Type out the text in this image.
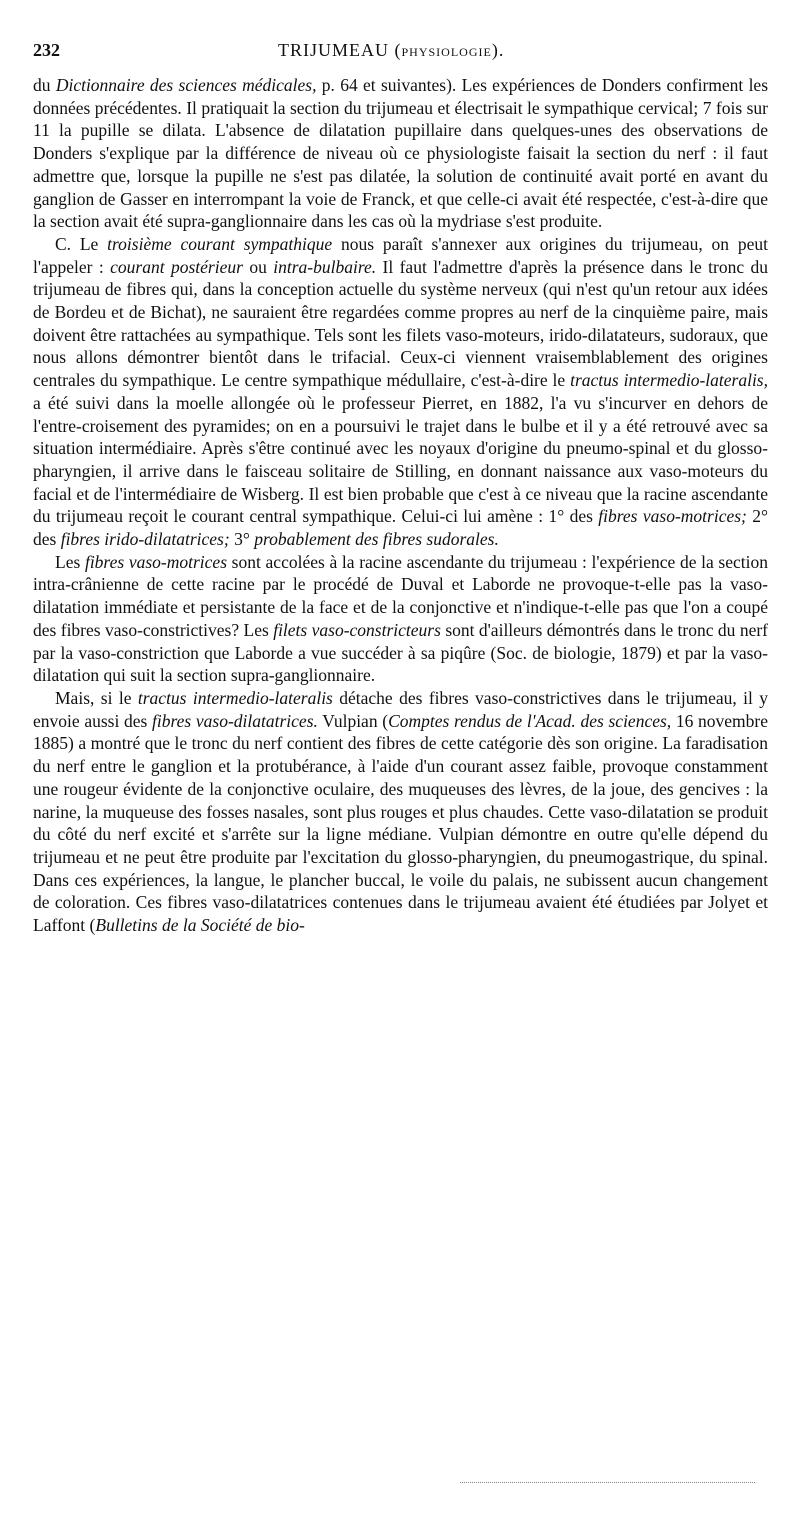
232	TRIJUMEAU (PHYSIOLOGIE).

du Dictionnaire des sciences médicales, p. 64 et suivantes). Les expériences de Donders confirment les données précédentes. Il pratiquait la section du trijumeau et électrisait le sympathique cervical; 7 fois sur 11 la pupille se dilata. L'absence de dilatation pupillaire dans quelques-unes des observations de Donders s'explique par la différence de niveau où ce physiologiste faisait la section du nerf : il faut admettre que, lorsque la pupille ne s'est pas dilatée, la solution de continuité avait porté en avant du ganglion de Gasser en interrompant la voie de Franck, et que celle-ci avait été respectée, c'est-à-dire que la section avait été supra-ganglionnaire dans les cas où la mydriase s'est produite.

C. Le troisième courant sympathique nous paraît s'annexer aux origines du trijumeau, on peut l'appeler : courant postérieur ou intra-bulbaire. Il faut l'admettre d'après la présence dans le tronc du trijumeau de fibres qui, dans la conception actuelle du système nerveux (qui n'est qu'un retour aux idées de Bordeu et de Bichat), ne sauraient être regardées comme propres au nerf de la cinquième paire, mais doivent être rattachées au sympathique. Tels sont les filets vaso-moteurs, irido-dilatateurs, sudoraux, que nous allons démontrer bientôt dans le trifacial. Ceux-ci viennent vraisemblablement des origines centrales du sympathique. Le centre sympathique médullaire, c'est-à-dire le tractus intermedio-lateralis, a été suivi dans la moelle allongée où le professeur Pierret, en 1882, l'a vu s'incurver en dehors de l'entre-croisement des pyramides; on en a poursuivi le trajet dans le bulbe et il y a été retrouvé avec sa situation intermédiaire. Après s'être continué avec les noyaux d'origine du pneumo-spinal et du glosso-pharyngien, il arrive dans le faisceau solitaire de Stilling, en donnant naissance aux vaso-moteurs du facial et de l'intermédiaire de Wisberg. Il est bien probable que c'est à ce niveau que la racine ascendante du trijumeau reçoit le courant central sympathique. Celui-ci lui amène : 1° des fibres vaso-motrices; 2° des fibres irido-dilatatrices; 3° probablement des fibres sudorales.

Les fibres vaso-motrices sont accolées à la racine ascendante du trijumeau : l'expérience de la section intra-crânienne de cette racine par le procédé de Duval et Laborde ne provoque-t-elle pas la vaso-dilatation immédiate et persistante de la face et de la conjonctive et n'indique-t-elle pas que l'on a coupé des fibres vaso-constrictives? Les filets vaso-constricteurs sont d'ailleurs démontrés dans le tronc du nerf par la vaso-constriction que Laborde a vue succéder à sa piqûre (Soc. de biologie, 1879) et par la vaso-dilatation qui suit la section supra-ganglionnaire.

Mais, si le tractus intermedio-lateralis détache des fibres vaso-constrictives dans le trijumeau, il y envoie aussi des fibres vaso-dilatatrices. Vulpian (Comptes rendus de l'Acad. des sciences, 16 novembre 1885) a montré que le tronc du nerf contient des fibres de cette catégorie dès son origine. La faradisation du nerf entre le ganglion et la protubérance, à l'aide d'un courant assez faible, provoque constamment une rougeur évidente de la conjonctive oculaire, des muqueuses des lèvres, de la joue, des gencives : la narine, la muqueuse des fosses nasales, sont plus rouges et plus chaudes. Cette vaso-dilatation se produit du côté du nerf excité et s'arrête sur la ligne médiane. Vulpian démontre en outre qu'elle dépend du trijumeau et ne peut être produite par l'excitation du glosso-pharyngien, du pneumogastrique, du spinal. Dans ces expériences, la langue, le plancher buccal, le voile du palais, ne subissent aucun changement de coloration. Ces fibres vaso-dilatatrices contenues dans le trijumeau avaient été étudiées par Jolyet et Laffont (Bulletins de la Société de bio-
